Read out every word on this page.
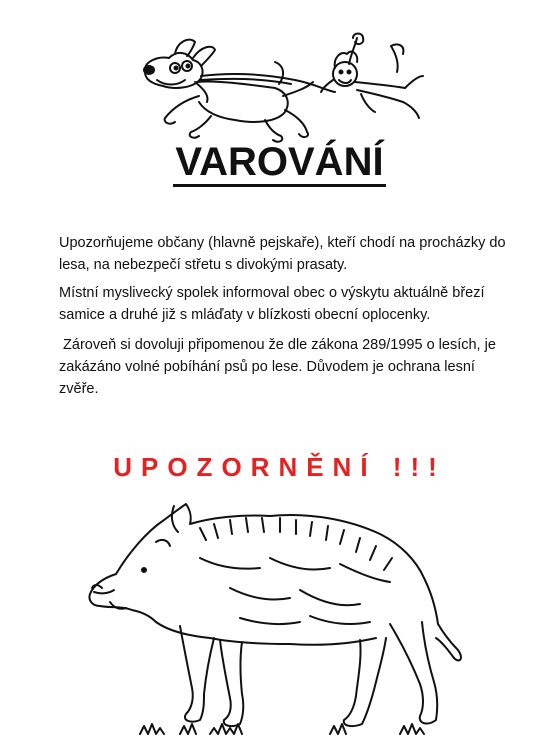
VAROVÁNÍ

Upozorňujeme občany (hlavně pejskaře), kteří chodí na procházky do lesa, na nebezpečí střetu s divokými prasaty.

Místní myslivecký spolek informoval obec o výskytu aktuálně březí samice a druhé již s mláďaty v blízkosti obecní oplocenky.

Zároveň si dovoluji připomenou že dle zákona 289/1995 o lesích, je zakázáno volné pobíhání psů po lese. Důvodem je ochrana lesní zvěře.

UPOZORNĚNÍ !!!
